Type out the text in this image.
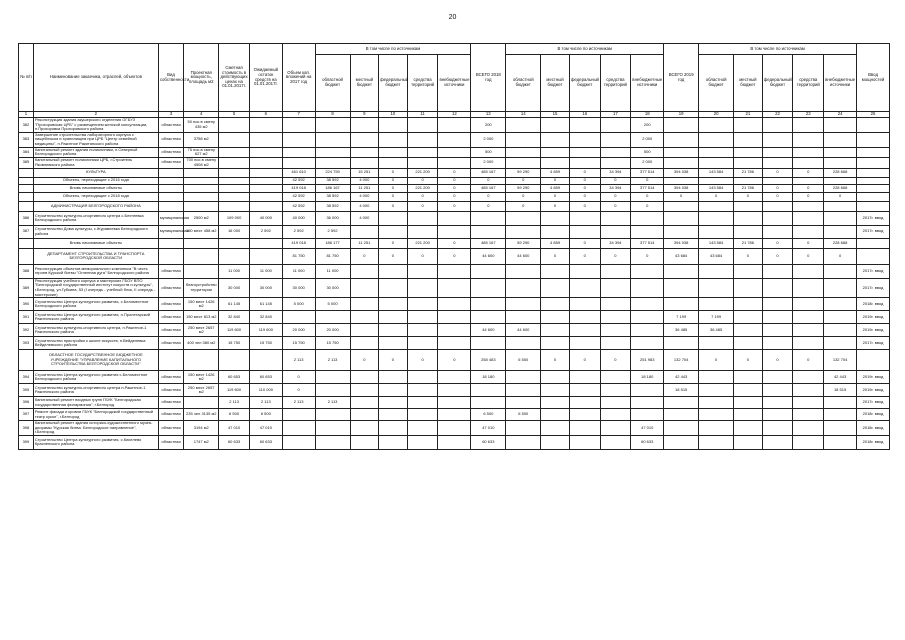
20
№ п/п	Наименование заказчика, отраслей, объектов	Вид собственности	Проектная мощность, площадь м2	Сметная стоимость в действующих ценах на 01.01.2017г.	Ожидаемый остаток средств на 01.01.2017г.	Объем кап. вложений на 2017 год	В том числе по источникам					ВСЕГО 2018 год	В том числе по источникам					ВСЕГО 2019 год	В том числе по источникам					Ввод мощностей
							областной бюджет	местный бюджет	федеральный бюджет	средства территорий	внебюджетные источники		областной бюджет	местный бюджет	федеральный бюджет	средства территорий	внебюджетные источники		областной бюджет	местный бюджет	федеральный бюджет	средства территорий	внебюджетные источники	
1	2	3	4	5	6	7	8	9	10	11	12	13	14	15	16	17	18	19	20	21	22	23	24	25
382	Реконструкция здания акушерского отделения ОГБУЗ "Прохоровская ЦРБ" с размещением женской консультации, п.Прохоровка Прохоровского района	областная	50 пос.в смену 435 м2									200					200							
383	Завершение строительства лабораторного корпуса с пищеблоком и хранилищем при ЦРБ "Центр семейной медицины", п.Ракитное Ракитянского района	областная	3758 м2									2 000					2 000							
384	Капитальный ремонт здания поликлиники, п.Северный Белгородского района	областная	75 пос.в смену 627 м2									500					500							
385	Капитальный ремонт поликлиники ЦРБ, г.Строитель Яковлевского района	областная	700 пос.в смену 4508 м2									2 000					2 000							
	КУЛЬТУРА					461 610	224 759	15 251	0	221 200	0	485 167	59 290	4 859	0	34 394	377 514	394 038	143 584	21 786	0	0	228 668	
	Объекты, переходящие с 2016 года					42 592	38 592	4 000	0	0	0	0	0	0	0	0	0							
	Вновь начинаемые объекты					419 018	186 167	11 251	0	221 200	0	485 167	59 290	4 859	0	34 394	377 514	394 038	143 584	21 786	0	0	228 668	
	Объекты, переходящие с 2018 года					42 592	38 592	4 000	0	0	0	0	0	0	0	0	0	0	0	0	0	0	0	
	АДМИНИСТРАЦИЯ БЕЛГОРОДСКОГО РАЙОНА					42 592	38 592	4 000	0	0	0	0	0	0	0	0	0							
386	Строительство культурно-спортивного центра с.Бехтеевка Белгородского района	муниципальная	2500 м2	109 000	40 000	40 000	36 000	4 000																2017г. ввод
387	Строительство Дома культуры, с.Журавлевка Белгородского района	муниципальная	150 мест 458 м2	16 000	2 592	2 592	2 592																	2017г. ввод
	Вновь начинаемые объекты					419 018	186 177	11 251	0	221 200	0	485 167	59 290	4 859	0	34 394	377 514	394 038	143 584	21 786	0	0	228 668	
	ДЕПАРТАМЕНТ СТРОИТЕЛЬСТВА И ТРАНСПОРТА БЕЛГОРОДСКОЙ ОБЛАСТИ					81 750	81 750	0	0	0	0	44 600	44 600	0	0	0	0	43 684	43 684	0	0	0	0	
388	Реконструкция объектов мемориального комплекса "В честь героев Курской битвы "Огненная дуга" Белгородского района	областная		11 000	11 000	11 000	11 000																	2017г. ввод
389	Реконструкция учебного корпуса и мастерских ГБОУ ВПО "Белгородский государственный институт искусств и культуры", г.Белгород, ул.Губкина, 53 (I очередь - учебный блок, II очередь - мастерские)	областная	благоустройство территории	30 000	30 000	30 000	30 000																	2017г. ввод
390	Строительство Центра культурного развития, с.Беломестное Белгородского района	областная	150 мест 1426 м2	61 145	61 145	5 000	5 000																	2018г. ввод
391	Строительство Центра культурного развития, п.Пролетарский Ракитянского района	областная	150 мест 813 м2	32 840	32 840													7 199	7 199					2019г. ввод
392	Строительство культурно-спортивного центра, п.Ракитное-1 Ракитянского района	областная	250 мест 2657 м2	119 600	119 600	20 000	20 000					44 600	44 600					36 485	36 485					2019г. ввод
393	Строительство пристройки к школе искусств, п.Вейделевка Вейделевского района	областная	400 чел 380 м2	15 750	15 750	15 750	15 750																	2017г. ввод
	ОБЛАСТНОЕ ГОСУДАРСТВЕННОЕ БЮДЖЕТНОЕ УЧРЕЖДЕНИЕ "УПРАВЛЕНИЕ КАПИТАЛЬНОГО СТРОИТЕЛЬСТВА БЕЛГОРОДСКОЙ ОБЛАСТИ"					2 113	2 113	0	0	0	0	258 483	6 500	0	0	0	251 983	132 704	0	0	0	0	132 704	
394	Строительство Центра культурного развития с.Беломестное Белгородского района	областная	150 мест 1426 м2	60 653	60 653	0						18 180					18 180	42 443					42 443	2019г. ввод
395	Строительство культурно-спортивного центра п.Ракитное-1 Ракитянского района	областная	250 мест 2657 м2	119 600	110 000	0												18 515					18 515	2019г. ввод
396	Капитальный ремонт входных групп ГБУК "Белгородская государственная филармония", г.Белгород	областная		2 113	2 113	2 113	2 113																	2017г. ввод
397	Ремонт фасада и кровли ГБУК "Белгородский государственный театр кукол", г.Белгород	областная	235 чел 3135 м2	6 500	6 500							6 500	6 500											2018г. ввод
398	Капитальный ремонт здания историко-художественного музея-диорамы "Курская битва. Белгородское направление", г.Белгород	областная	3194 м2	47 010	47 010							47 010					47 010							2018г. ввод
399	Строительство Центра культурного развития, с.Киселево Красненского района	областная	1747 м2	60 633	60 633							60 633					60 633							2018г. ввод
